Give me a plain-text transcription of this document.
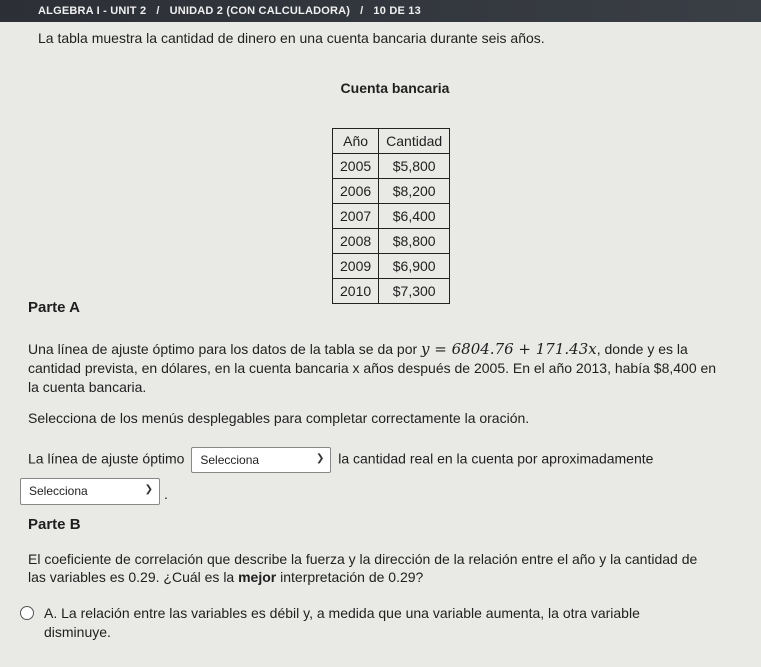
ALGEBRA I - UNIT 2 / UNIDAD 2 (CON CALCULADORA) / 10 DE 13
La tabla muestra la cantidad de dinero en una cuenta bancaria durante seis años.
Cuenta bancaria
Año	Cantidad
2005	$5,800
2006	$8,200
2007	$6,400
2008	$8,800
2009	$6,900
2010	$7,300
Parte A
Una línea de ajuste óptimo para los datos de la tabla se da por y = 6804.76 + 171.43x, donde y es la cantidad prevista, en dólares, en la cuenta bancaria x años después de 2005. En el año 2013, había $8,400 en la cuenta bancaria.
Selecciona de los menús desplegables para completar correctamente la oración.
La línea de ajuste óptimo Selecciona	❯ la cantidad real en la cuenta por aproximadamente
Selecciona	❯ .
Parte B
El coeficiente de correlación que describe la fuerza y la dirección de la relación entre el año y la cantidad de las variables es 0.29. ¿Cuál es la mejor interpretación de 0.29?
A. La relación entre las variables es débil y, a medida que una variable aumenta, la otra variable disminuye.
